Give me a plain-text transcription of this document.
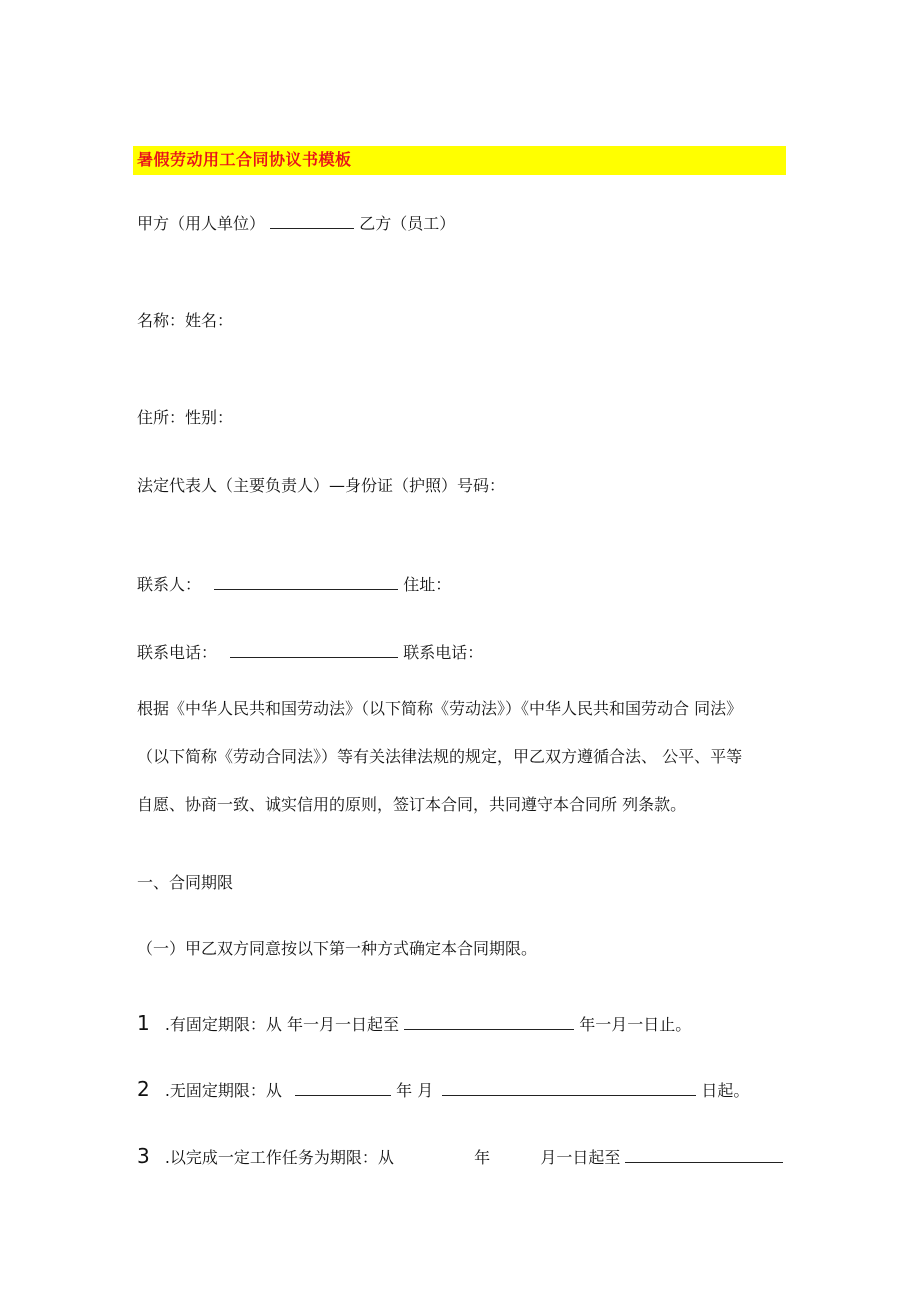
暑假劳动用工合同协议书模板
甲方（用人单位）	乙方（员工）
名称：姓名：
住所：性别：
法定代表人（主要负责人）—身份证（护照）号码：
联系人：	住址：
联系电话：	联系电话：
根据《中华人民共和国劳动法》（以下简称《劳动法》）《中华人民共和国劳动合 同法》
（以下简称《劳动合同法》）等有关法律法规的规定，甲乙双方遵循合法、 公平、平等
自愿、协商一致、诚实信用的原则，签订本合同，共同遵守本合同所 列条款。
一、合同期限
（一）甲乙双方同意按以下第一种方式确定本合同期限。
1 .有固定期限：从 年一月一日起至	年一月一日止。
2 .无固定期限：从	年 月	日起。
3 .以完成一定工作任务为期限：从	年	月一日起至
